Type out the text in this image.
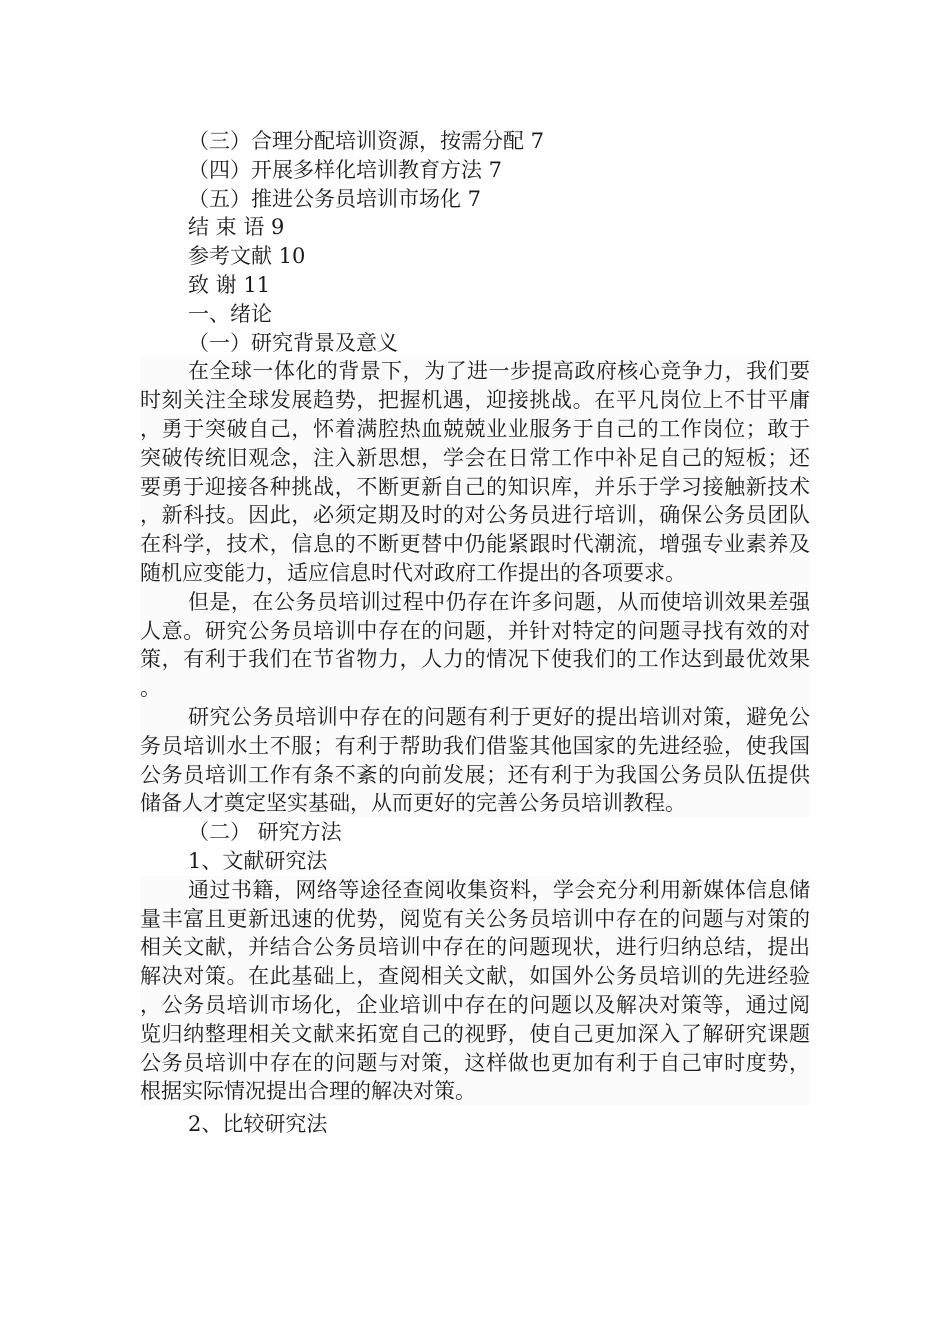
（三）合理分配培训资源，按需分配 7
（四）开展多样化培训教育方法 7
（五）推进公务员培训市场化 7
结 束 语 9
参考文献 10
致 谢 11
一、绪论
（一）研究背景及意义

在全球一体化的背景下，为了进一步提高政府核心竞争力，我们要时刻关注全球发展趋势，把握机遇，迎接挑战。在平凡岗位上不甘平庸，勇于突破自己，怀着满腔热血兢兢业业服务于自己的工作岗位；敢于突破传统旧观念，注入新思想，学会在日常工作中补足自己的短板；还要勇于迎接各种挑战，不断更新自己的知识库，并乐于学习接触新技术，新科技。因此，必须定期及时的对公务员进行培训，确保公务员团队在科学，技术，信息的不断更替中仍能紧跟时代潮流，增强专业素养及随机应变能力，适应信息时代对政府工作提出的各项要求。

但是，在公务员培训过程中仍存在许多问题，从而使培训效果差强人意。研究公务员培训中存在的问题，并针对特定的问题寻找有效的对策，有利于我们在节省物力，人力的情况下使我们的工作达到最优效果。

研究公务员培训中存在的问题有利于更好的提出培训对策，避免公务员培训水土不服；有利于帮助我们借鉴其他国家的先进经验，使我国公务员培训工作有条不紊的向前发展；还有利于为我国公务员队伍提供储备人才奠定坚实基础，从而更好的完善公务员培训教程。

（二） 研究方法
1、文献研究法

通过书籍，网络等途径查阅收集资料，学会充分利用新媒体信息储量丰富且更新迅速的优势，阅览有关公务员培训中存在的问题与对策的相关文献，并结合公务员培训中存在的问题现状，进行归纳总结，提出解决对策。在此基础上，查阅相关文献，如国外公务员培训的先进经验，公务员培训市场化，企业培训中存在的问题以及解决对策等，通过阅览归纳整理相关文献来拓宽自己的视野，使自己更加深入了解研究课题公务员培训中存在的问题与对策，这样做也更加有利于自己审时度势，根据实际情况提出合理的解决对策。

2、比较研究法
